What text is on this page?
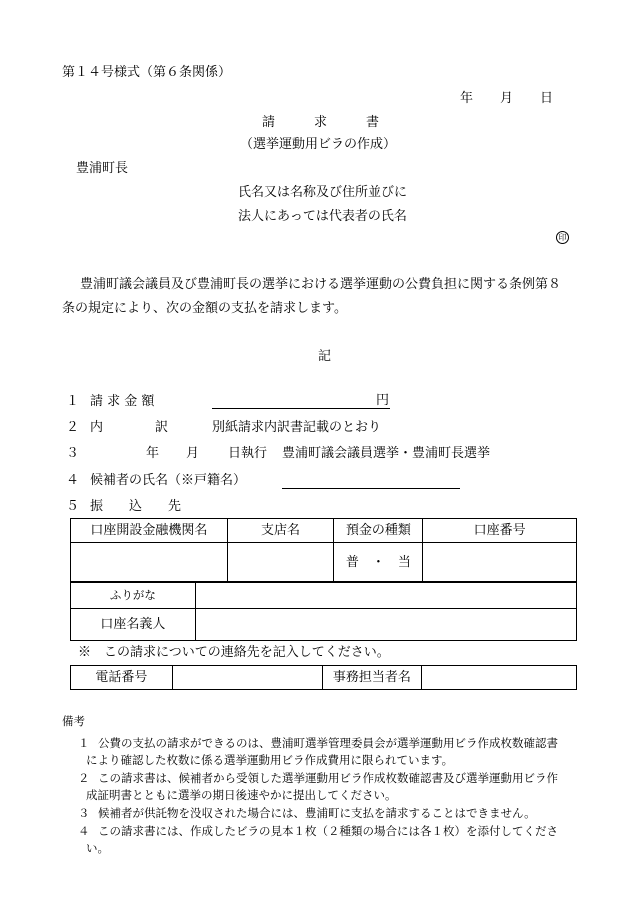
第１４号様式（第６条関係）
年 月 日
請　　　求　　　書
（選挙運動用ビラの作成）
豊浦町長
氏名又は名称及び住所並びに
法人にあっては代表者の氏名
印
豊浦町議会議員及び豊浦町長の選挙における選挙運動の公費負担に関する条例第８
条の規定により、次の金額の支払を請求します。
記
１ 請 求 金 額	円
２ 内　　　　訳	別紙請求内訳書記載のとおり
３	年 月 日執行 豊浦町議会議員選挙・豊浦町長選挙
４ 候補者の氏名（※戸籍名）
５ 振　　込　　先
口座開設金融機関名	支店名	預金の種類	口座番号
		普　・　当	
ふりがな	
口座名義人	
※　この請求についての連絡先を記入してください。
電話番号		事務担当者名	
備考
１ 公費の支払の請求ができるのは、豊浦町選挙管理委員会が選挙運動用ビラ作成枚数確認書
により確認した枚数に係る選挙運動用ビラ作成費用に限られています。
２ この請求書は、候補者から受領した選挙運動用ビラ作成枚数確認書及び選挙運動用ビラ作
成証明書とともに選挙の期日後速やかに提出してください。
３ 候補者が供託物を没収された場合には、豊浦町に支払を請求することはできません。
４ この請求書には、作成したビラの見本１枚（２種類の場合には各１枚）を添付してくださ
い。
